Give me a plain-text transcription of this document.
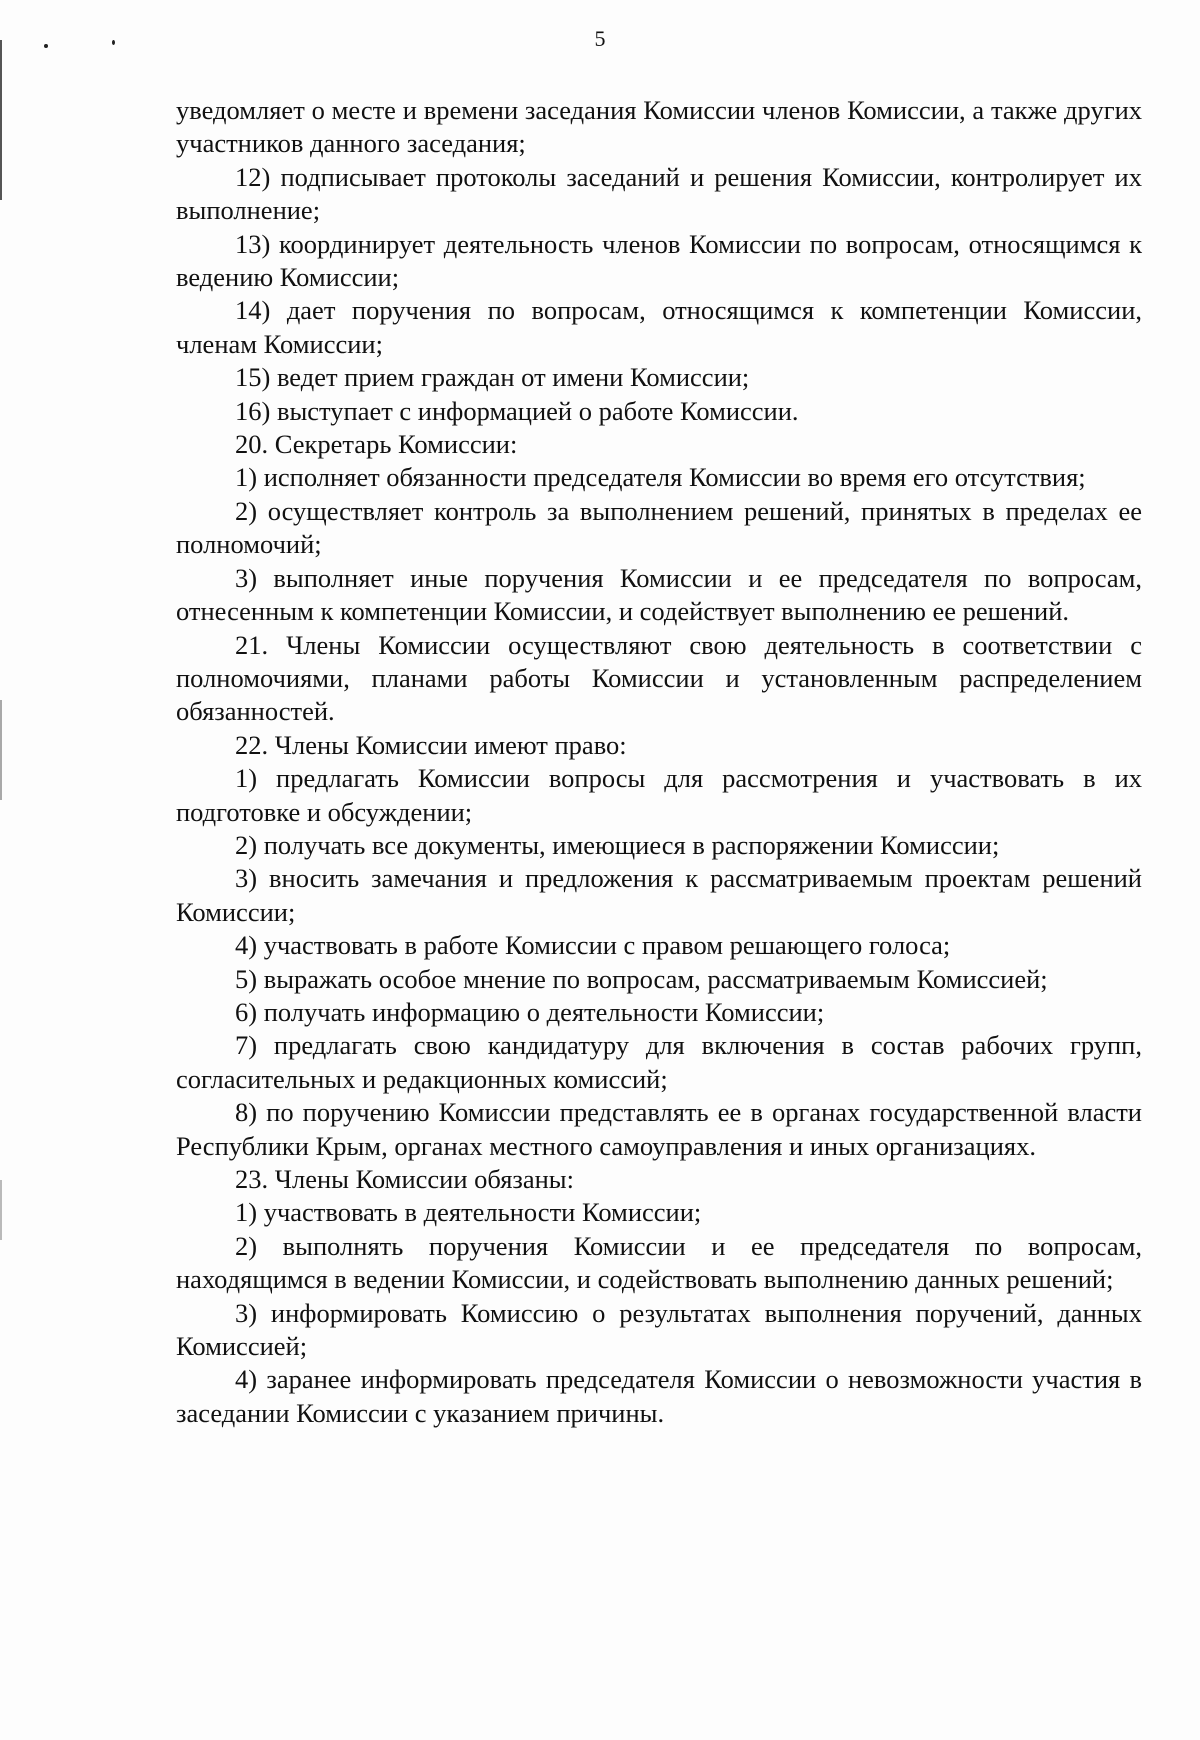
5

уведомляет о месте и времени заседания Комиссии членов Комиссии, а также других участников данного заседания;

12) подписывает протоколы заседаний и решения Комиссии, контролирует их выполнение;

13) координирует деятельность членов Комиссии по вопросам, относящимся к ведению Комиссии;

14) дает поручения по вопросам, относящимся к компетенции Комиссии, членам Комиссии;

15) ведет прием граждан от имени Комиссии;

16) выступает с информацией о работе Комиссии.

20. Секретарь Комиссии:

1) исполняет обязанности председателя Комиссии во время его отсутствия;

2) осуществляет контроль за выполнением решений, принятых в пределах ее полномочий;

3) выполняет иные поручения Комиссии и ее председателя по вопросам, отнесенным к компетенции Комиссии, и содействует выполнению ее решений.

21. Члены Комиссии осуществляют свою деятельность в соответствии с полномочиями, планами работы Комиссии и установленным распределением обязанностей.

22. Члены Комиссии имеют право:

1) предлагать Комиссии вопросы для рассмотрения и участвовать в их подготовке и обсуждении;

2) получать все документы, имеющиеся в распоряжении Комиссии;

3) вносить замечания и предложения к рассматриваемым проектам решений Комиссии;

4) участвовать в работе Комиссии с правом решающего голоса;

5) выражать особое мнение по вопросам, рассматриваемым Комиссией;

6) получать информацию о деятельности Комиссии;

7) предлагать свою кандидатуру для включения в состав рабочих групп, согласительных и редакционных комиссий;

8) по поручению Комиссии представлять ее в органах государственной власти Республики Крым, органах местного самоуправления и иных организациях.

23. Члены Комиссии обязаны:

1) участвовать в деятельности Комиссии;

2) выполнять поручения Комиссии и ее председателя по вопросам, находящимся в ведении Комиссии, и содействовать выполнению данных решений;

3) информировать Комиссию о результатах выполнения поручений, данных Комиссией;

4) заранее информировать председателя Комиссии о невозможности участия в заседании Комиссии с указанием причины.
